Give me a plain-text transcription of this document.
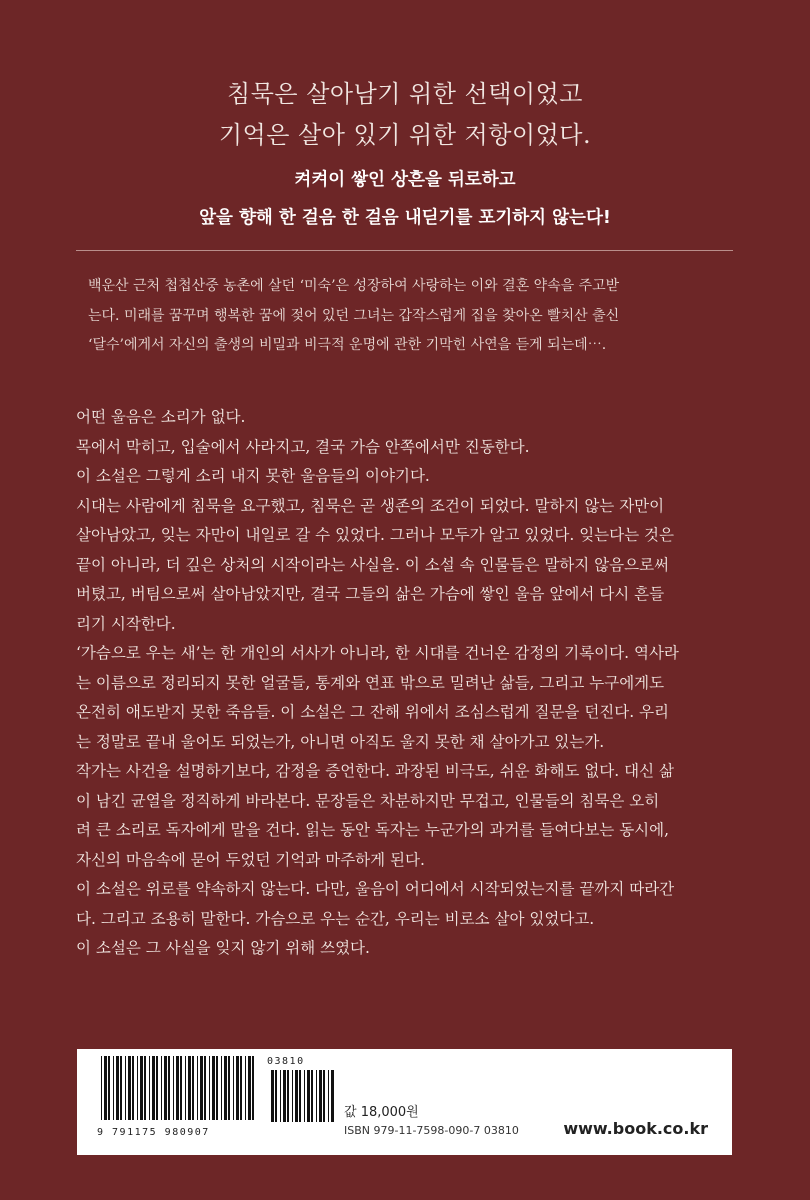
침묵은 살아남기 위한 선택이었고
기억은 살아 있기 위한 저항이었다.
켜켜이 쌓인 상흔을 뒤로하고
앞을 향해 한 걸음 한 걸음 내딛기를 포기하지 않는다!

백운산 근처 첩첩산중 농촌에 살던 ‘미숙’은 성장하여 사랑하는 이와 결혼 약속을 주고받

는다. 미래를 꿈꾸며 행복한 꿈에 젖어 있던 그녀는 갑작스럽게 집을 찾아온 빨치산 출신

‘달수’에게서 자신의 출생의 비밀과 비극적 운명에 관한 기막힌 사연을 듣게 되는데⋯.

어떤 울음은 소리가 없다.

목에서 막히고, 입술에서 사라지고, 결국 가슴 안쪽에서만 진동한다.

이 소설은 그렇게 소리 내지 못한 울음들의 이야기다.

시대는 사람에게 침묵을 요구했고, 침묵은 곧 생존의 조건이 되었다. 말하지 않는 자만이

살아남았고, 잊는 자만이 내일로 갈 수 있었다. 그러나 모두가 알고 있었다. 잊는다는 것은

끝이 아니라, 더 깊은 상처의 시작이라는 사실을. 이 소설 속 인물들은 말하지 않음으로써

버텼고, 버팀으로써 살아남았지만, 결국 그들의 삶은 가슴에 쌓인 울음 앞에서 다시 흔들

리기 시작한다.

‘가슴으로 우는 새’는 한 개인의 서사가 아니라, 한 시대를 건너온 감정의 기록이다. 역사라

는 이름으로 정리되지 못한 얼굴들, 통계와 연표 밖으로 밀려난 삶들, 그리고 누구에게도

온전히 애도받지 못한 죽음들. 이 소설은 그 잔해 위에서 조심스럽게 질문을 던진다. 우리

는 정말로 끝내 울어도 되었는가, 아니면 아직도 울지 못한 채 살아가고 있는가.

작가는 사건을 설명하기보다, 감정을 증언한다. 과장된 비극도, 쉬운 화해도 없다. 대신 삶

이 남긴 균열을 정직하게 바라본다. 문장들은 차분하지만 무겁고, 인물들의 침묵은 오히

려 큰 소리로 독자에게 말을 건다. 읽는 동안 독자는 누군가의 과거를 들여다보는 동시에,

자신의 마음속에 묻어 두었던 기억과 마주하게 된다.

이 소설은 위로를 약속하지 않는다. 다만, 울음이 어디에서 시작되었는지를 끝까지 따라간

다. 그리고 조용히 말한다. 가슴으로 우는 순간, 우리는 비로소 살아 있었다고.

이 소설은 그 사실을 잊지 않기 위해 쓰였다.

9 791175 980907
03810
값 18,000원
ISBN 979-11-7598-090-7 03810	www.book.co.kr
